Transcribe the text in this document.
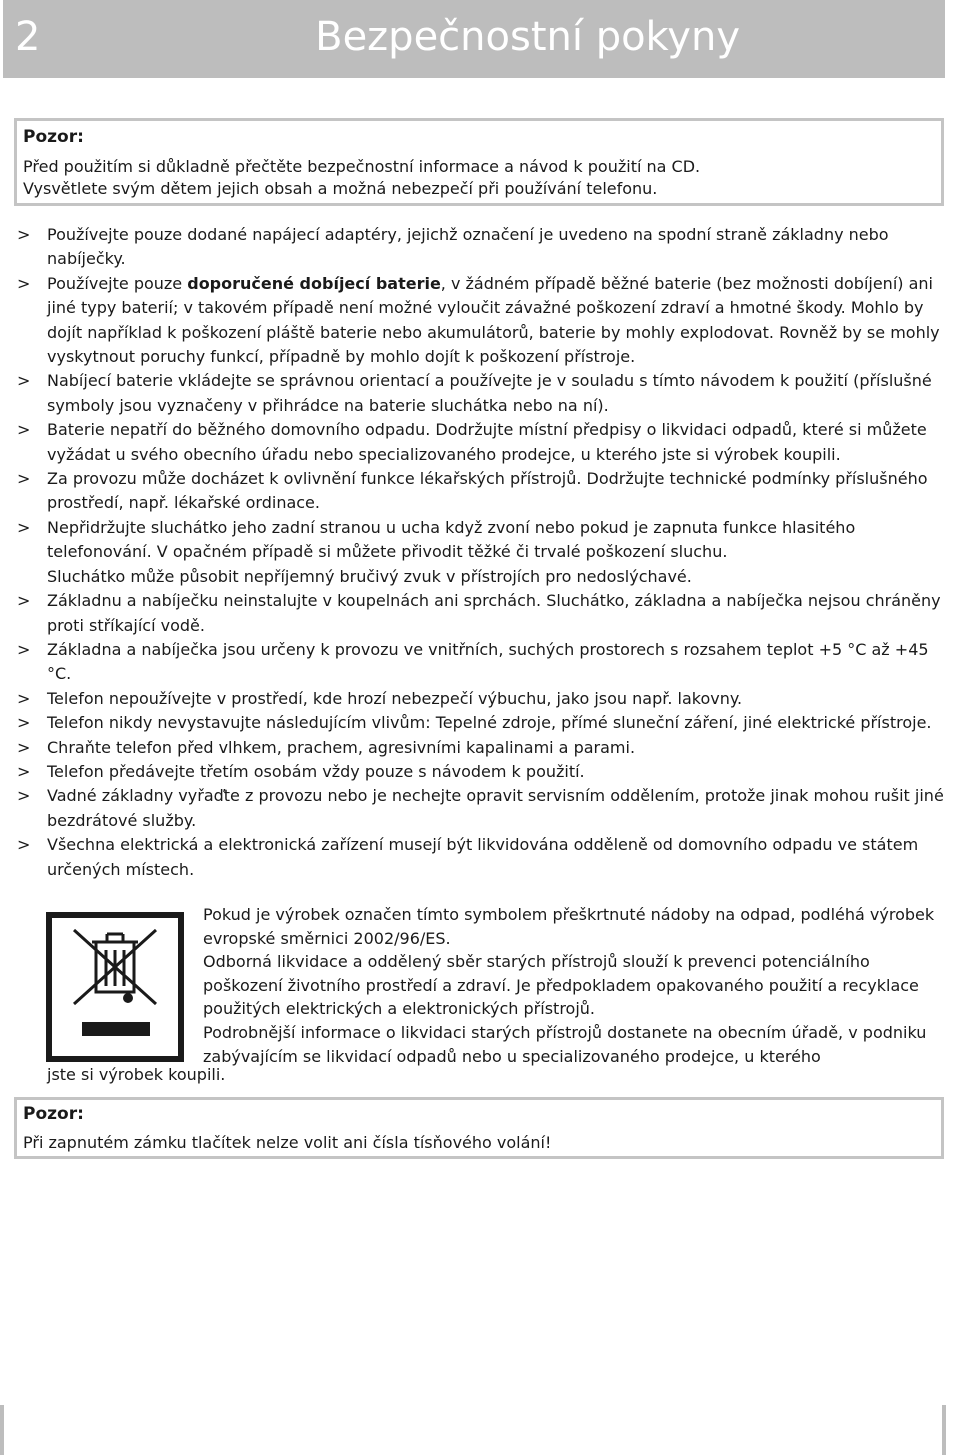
2	Bezpečnostní pokyny
Pozor:
Před použitím si důkladně přečtěte bezpečnostní informace a návod k použití na CD.
Vysvětlete svým dětem jejich obsah a možná nebezpečí při používání telefonu.
> Používejte pouze dodané napájecí adaptéry, jejichž označení je uvedeno na spodní straně základny nebo nabíječky.
> Používejte pouze doporučené dobíjecí baterie, v žádném případě běžné baterie (bez možnosti dobíjení) ani jiné typy baterií; v takovém případě není možné vyloučit závažné poškození zdraví a hmotné škody. Mohlo by dojít například k poškození pláště baterie nebo akumulátorů, baterie by mohly explodovat. Rovněž by se mohly vyskytnout poruchy funkcí, případně by mohlo dojít k poškození přístroje.
> Nabíjecí baterie vkládejte se správnou orientací a používejte je v souladu s tímto návodem k použití (příslušné symboly jsou vyznačeny v přihrádce na baterie sluchátka nebo na ní).
> Baterie nepatří do běžného domovního odpadu. Dodržujte místní předpisy o likvidaci odpadů, které si můžete vyžádat u svého obecního úřadu nebo specializovaného prodejce, u kterého jste si výrobek koupili.
> Za provozu může docházet k ovlivnění funkce lékařských přístrojů. Dodržujte technické podmínky příslušného prostředí, např. lékařské ordinace.
> Nepřidržujte sluchátko jeho zadní stranou u ucha když zvoní nebo pokud je zapnuta funkce hlasitého telefonování. V opačném případě si můžete přivodit těžké či trvalé poškození sluchu.
Sluchátko může působit nepříjemný bručivý zvuk v přístrojích pro nedoslýchavé.
> Základnu a nabíječku neinstalujte v koupelnách ani sprchách. Sluchátko, základna a nabíječka nejsou chráněny proti stříkající vodě.
> Základna a nabíječka jsou určeny k provozu ve vnitřních, suchých prostorech s rozsahem teplot +5 °C až +45 °C.
> Telefon nepoužívejte v prostředí, kde hrozí nebezpečí výbuchu, jako jsou např. lakovny.
> Telefon nikdy nevystavujte následujícím vlivům: Tepelné zdroje, přímé sluneční záření, jiné elektrické přístroje.
> Chraňte telefon před vlhkem, prachem, agresivními kapalinami a parami.
> Telefon předávejte třetím osobám vždy pouze s návodem k použití.
> Vadné základny vyřaďte z provozu nebo je nechejte opravit servisním oddělením, protože jinak mohou rušit jiné bezdrátové služby.
> Všechna elektrická a elektronická zařízení musejí být likvidována odděleně od domovního odpadu ve státem určených místech.

Pokud je výrobek označen tímto symbolem přeškrtnuté nádoby na odpad, podléhá výrobek evropské směrnici 2002/96/ES.

Odborná likvidace a oddělený sběr starých přístrojů slouží k prevenci potenciálního poškození životního prostředí a zdraví. Je předpokladem opakovaného použití a recyklace použitých elektrických a elektronických přístrojů.

Podrobnější informace o likvidaci starých přístrojů dostanete na obecním úřadě, v podniku zabývajícím se likvidací odpadů nebo u specializovaného prodejce, u kterého

jste si výrobek koupili.
Pozor:
Při zapnutém zámku tlačítek nelze volit ani čísla tísňového volání!
